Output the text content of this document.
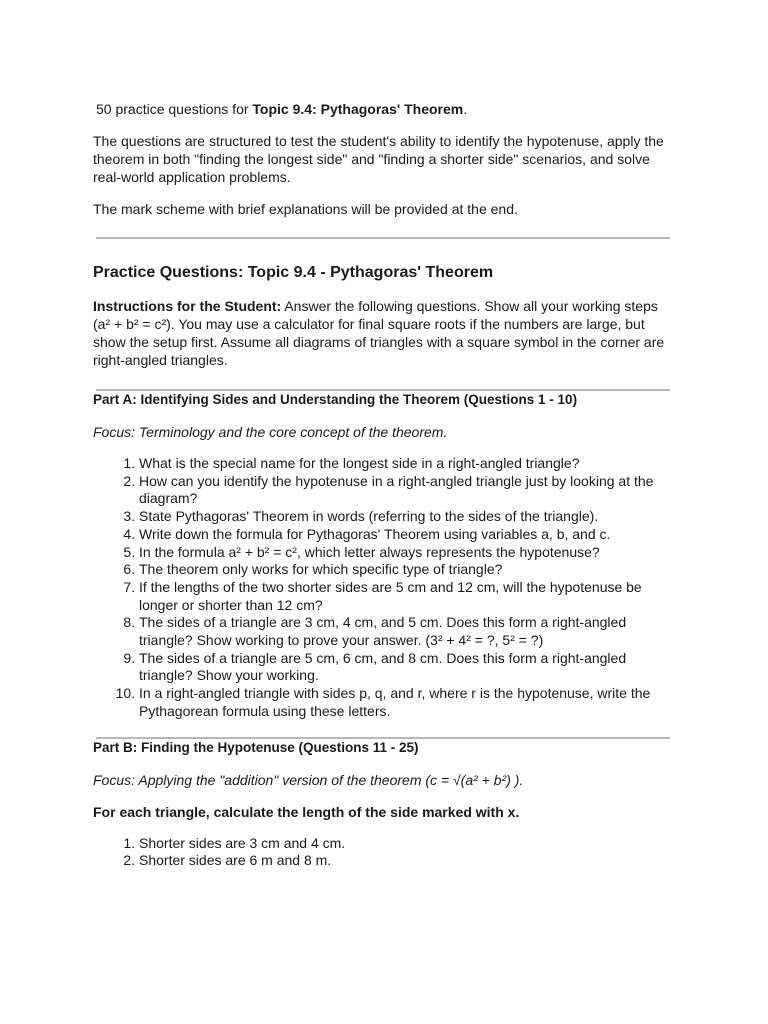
50 practice questions for Topic 9.4: Pythagoras' Theorem.

The questions are structured to test the student's ability to identify the hypotenuse, apply the theorem in both "finding the longest side" and "finding a shorter side" scenarios, and solve real-world application problems.

The mark scheme with brief explanations will be provided at the end.

Practice Questions: Topic 9.4 - Pythagoras' Theorem

Instructions for the Student: Answer the following questions. Show all your working steps (a² + b² = c²). You may use a calculator for final square roots if the numbers are large, but show the setup first. Assume all diagrams of triangles with a square symbol in the corner are right-angled triangles.

Part A: Identifying Sides and Understanding the Theorem (Questions 1 - 10)

Focus: Terminology and the core concept of the theorem.

1. What is the special name for the longest side in a right-angled triangle?
2. How can you identify the hypotenuse in a right-angled triangle just by looking at the diagram?
3. State Pythagoras' Theorem in words (referring to the sides of the triangle).
4. Write down the formula for Pythagoras' Theorem using variables a, b, and c.
5. In the formula a² + b² = c², which letter always represents the hypotenuse?
6. The theorem only works for which specific type of triangle?
7. If the lengths of the two shorter sides are 5 cm and 12 cm, will the hypotenuse be longer or shorter than 12 cm?
8. The sides of a triangle are 3 cm, 4 cm, and 5 cm. Does this form a right-angled triangle? Show working to prove your answer. (3² + 4² = ?, 5² = ?)
9. The sides of a triangle are 5 cm, 6 cm, and 8 cm. Does this form a right-angled triangle? Show your working.
10. In a right-angled triangle with sides p, q, and r, where r is the hypotenuse, write the Pythagorean formula using these letters.
Part B: Finding the Hypotenuse (Questions 11 - 25)

Focus: Applying the "addition" version of the theorem (c = √(a² + b²) ).

For each triangle, calculate the length of the side marked with x.

1. Shorter sides are 3 cm and 4 cm.
2. Shorter sides are 6 m and 8 m.
